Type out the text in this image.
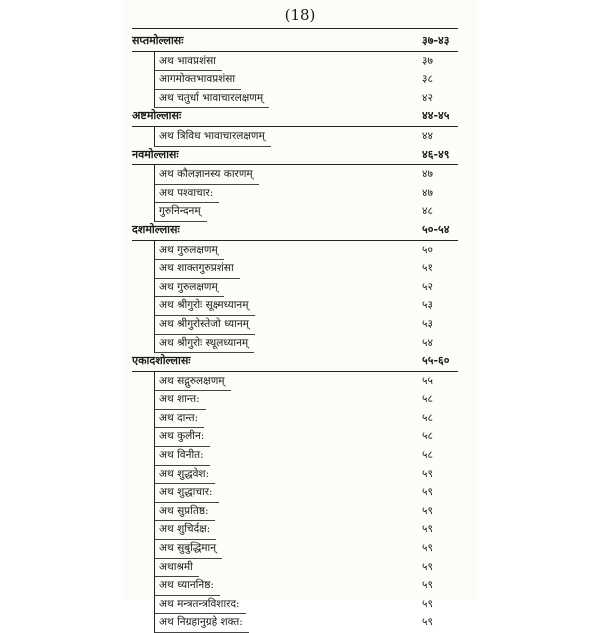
(18)
सप्तमोल्लासः	३७-४३
अथ भावप्रशंसा	३७
आगमोक्तभावप्रशंसा	३८
अथ चतुर्धा भावाचारलक्षणम्	४२
अष्टमोल्लासः	४४-४५
अथ त्रिविध भावाचारलक्षणम्	४४
नवमोल्लासः	४६-४९
अथ कौलज्ञानस्य कारणम्	४७
अथ पश्वाचार:	४७
गुरुनिन्दनम्	४८
दशमोल्लासः	५०-५४
अथ गुरुलक्षणम्	५०
अथ शाक्तगुरुप्रशंसा	५१
अथ गुरुलक्षणम्	५२
अथ श्रीगुरोः सूक्ष्मध्यानम्	५३
अथ श्रीगुरोस्तेजो ध्यानम्	५३
अथ श्रीगुरोः स्थूलध्यानम्	५४
एकादशोल्लासः	५५-६०
अथ सद्गुरुलक्षणम्	५५
अथ शान्त:	५८
अथ दान्त:	५८
अथ कुलीन:	५८
अथ विनीत:	५८
अथ शुद्धवेश:	५९
अथ शुद्धाचार:	५९
अथ सुप्रतिष्ठ:	५९
अथ शुचिर्दक्ष:	५९
अथ सुबुद्धिमान्	५९
अथाश्रमी	५९
अथ ध्याननिष्ठ:	५९
अथ मन्त्रतन्त्रविशारद:	५९
अथ निग्रहानुग्रहे शक्त:	५९
